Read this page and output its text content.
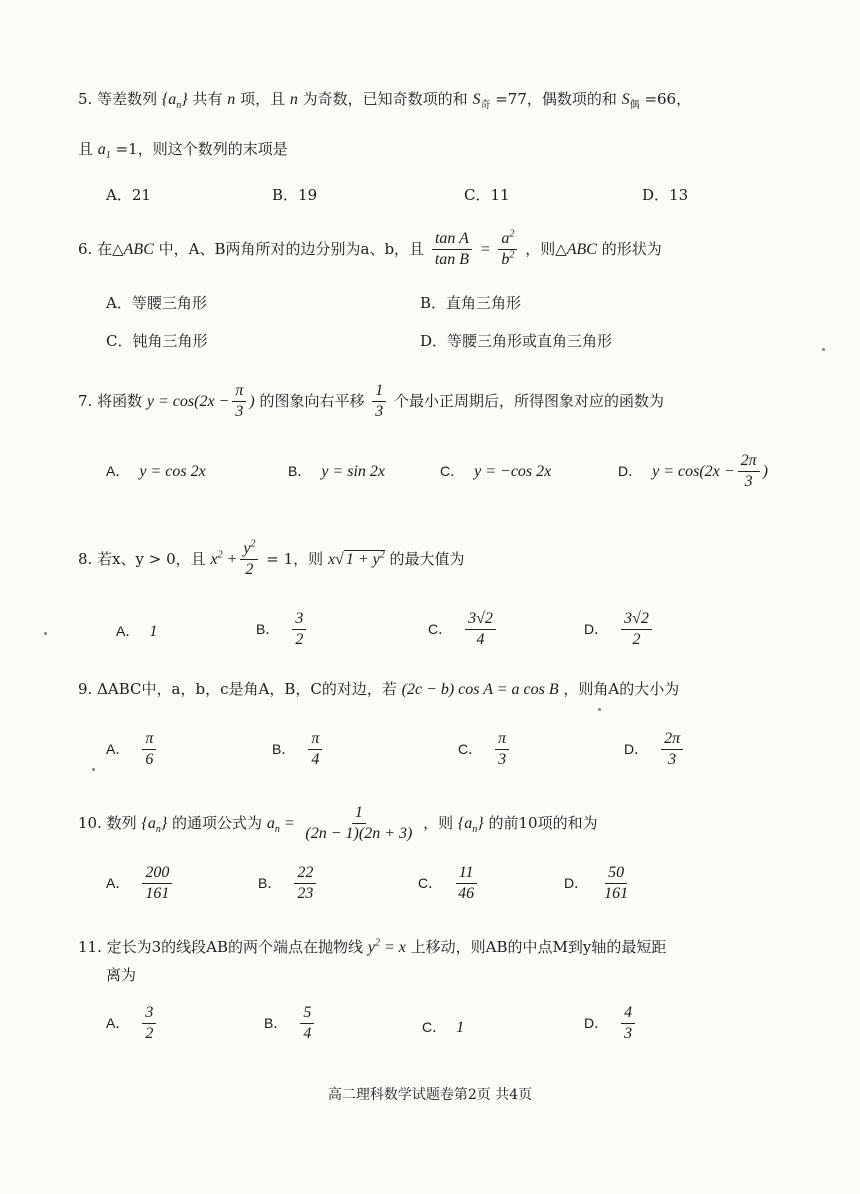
5. 等差数列 $\{a_n\}$ 共有 n 项，且 n 为奇数，已知奇数项的和 $S_奇 =77$，偶数项的和 $S_偶 =66$，
且 $a_1 =1$，则这个数列的末项是
A．21	B．19	C．11	D．13
6. 在△ABC 中，A、B两角所对的边分别为a、b，且 $\frac{\text{tan A}}{\text{tan B}} = \frac{a^2}{b^2}$ ，则△ABC 的形状为
A．等腰三角形	B．直角三角形
C．钝角三角形	D．等腰三角形或直角三角形
7. 将函数 $y = \cos(2x - \frac{\pi}{3}$ ) 的图象向右平移 $\frac{1}{3}$ 个最小正周期后，所得图象对应的函数为
A． y = cos 2x	B． y = sin 2x	C． y = −cos 2x	D． $y = \cos(2x - \frac{2\pi}{3}$ )
8. 若x、y > 0，且 $x^2 + \frac{y^2}{2} = 1$，则 x√ $1 + y^2$ 的最大值为
A． 1	B． $\frac{3}{2}$	C． $\frac{3√2}{4}$	D． $\frac{3√2}{2}$
9. ΔABC中，a，b，c是角A，B，C的对边，若 (2c − b) cos A = a cos B ，则角A的大小为
A． $\frac{\pi}{6}$	B． $\frac{\pi}{4}$	C． $\frac{\pi}{3}$	D． $\frac{2\pi}{3}$
10. 数列 $\{a_n\}$ 的通项公式为 $a_n = \frac{1}{(2n - 1)(2n + 3)}$ ，则 $\{a_n\}$ 的前10项的和为
A． $\frac{200}{161}$	B． $\frac{22}{23}$	C． $\frac{11}{46}$	D． $\frac{50}{161}$
11. 定长为3的线段AB的两个端点在抛物线 $y^2 = x$ 上移动，则AB的中点M到y轴的最短距
离为
A． $\frac{3}{2}$	B． $\frac{5}{4}$	C． 1	D． $\frac{4}{3}$
高二理科数学试题卷第2页 共4页
